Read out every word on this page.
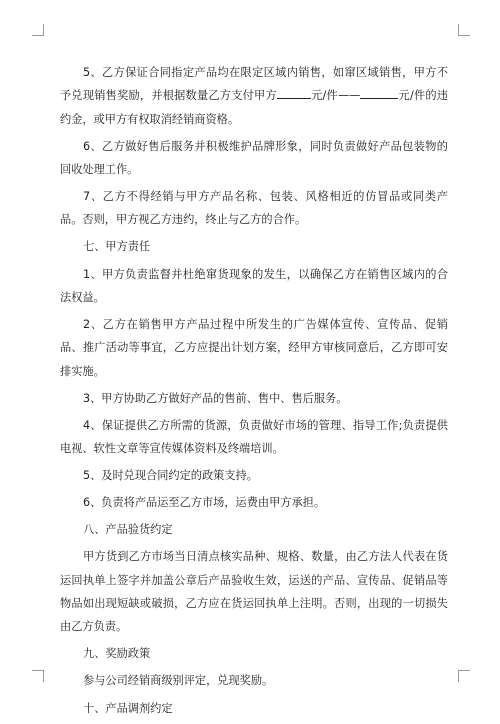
5、乙方保证合同指定产品均在限定区域内销售，如窜区域销售，甲方不予兑现销售奖励，并根据数量乙方支付甲方	元/件——	元/件的违约金，或甲方有权取消经销商资格。

6、乙方做好售后服务并积极维护品牌形象，同时负责做好产品包装物的回收处理工作。

7、乙方不得经销与甲方产品名称、包装、风格相近的仿冒品或同类产品。否则，甲方视乙方违约，终止与乙方的合作。

七、甲方责任

1、甲方负责监督并杜绝窜货现象的发生，以确保乙方在销售区域内的合法权益。

2、乙方在销售甲方产品过程中所发生的广告媒体宣传、宣传品、促销品、推广活动等事宜，乙方应提出计划方案，经甲方审核同意后，乙方即可安排实施。

3、甲方协助乙方做好产品的售前、售中、售后服务。

4、保证提供乙方所需的货源，负责做好市场的管理、指导工作;负责提供电视、软性文章等宣传媒体资料及终端培训。

5、及时兑现合同约定的政策支持。

6、负责将产品运至乙方市场，运费由甲方承担。

八、产品验货约定

甲方货到乙方市场当日清点核实品种、规格、数量，由乙方法人代表在货运回执单上签字并加盖公章后产品验收生效，运送的产品、宣传品、促销品等物品如出现短缺或破损，乙方应在货运回执单上注明。否则，出现的一切损失由乙方负责。

九、奖励政策

参与公司经销商级别评定，兑现奖励。

十、产品调剂约定
